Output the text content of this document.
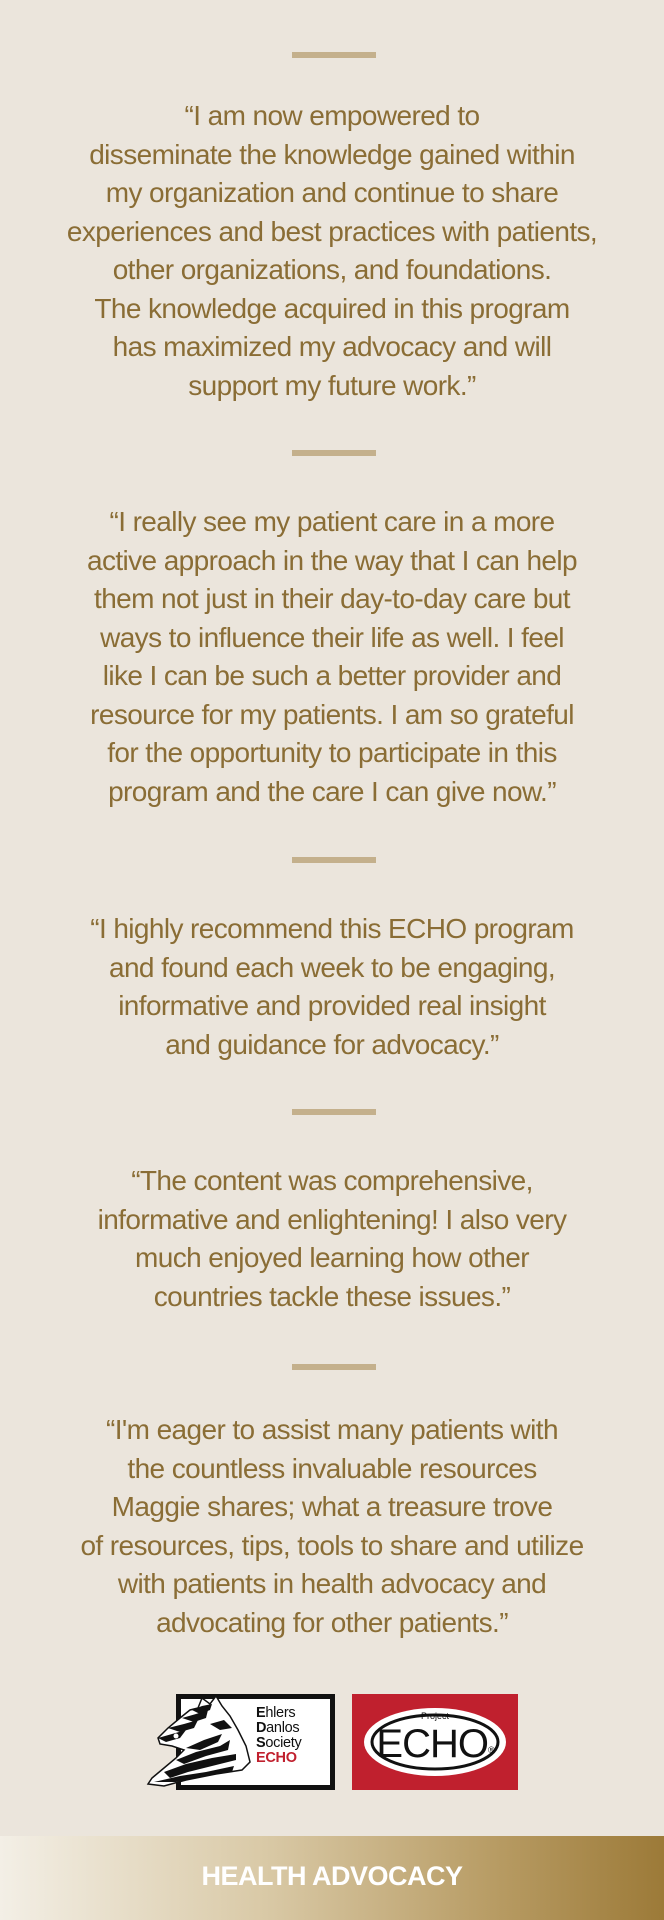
“I am now empowered to
disseminate the knowledge gained within
my organization and continue to share
experiences and best practices with patients,
other organizations, and foundations.
The knowledge acquired in this program
has maximized my advocacy and will
support my future work.”

“I really see my patient care in a more
active approach in the way that I can help
them not just in their day-to-day care but
ways to influence their life as well. I feel
like I can be such a better provider and
resource for my patients. I am so grateful
for the opportunity to participate in this
program and the care I can give now.”

“I highly recommend this ECHO program
and found each week to be engaging,
informative and provided real insight
and guidance for advocacy.”

“The content was comprehensive,
informative and enlightening! I also very
much enjoyed learning how other
countries tackle these issues.”

“I'm eager to assist many patients with
the countless invaluable resources
Maggie shares; what a treasure trove
of resources, tips, tools to share and utilize
with patients in health advocacy and
advocating for other patients.”

Ehlers
Danlos
Society
ECHO
Project
ECHO®
HEALTH ADVOCACY
